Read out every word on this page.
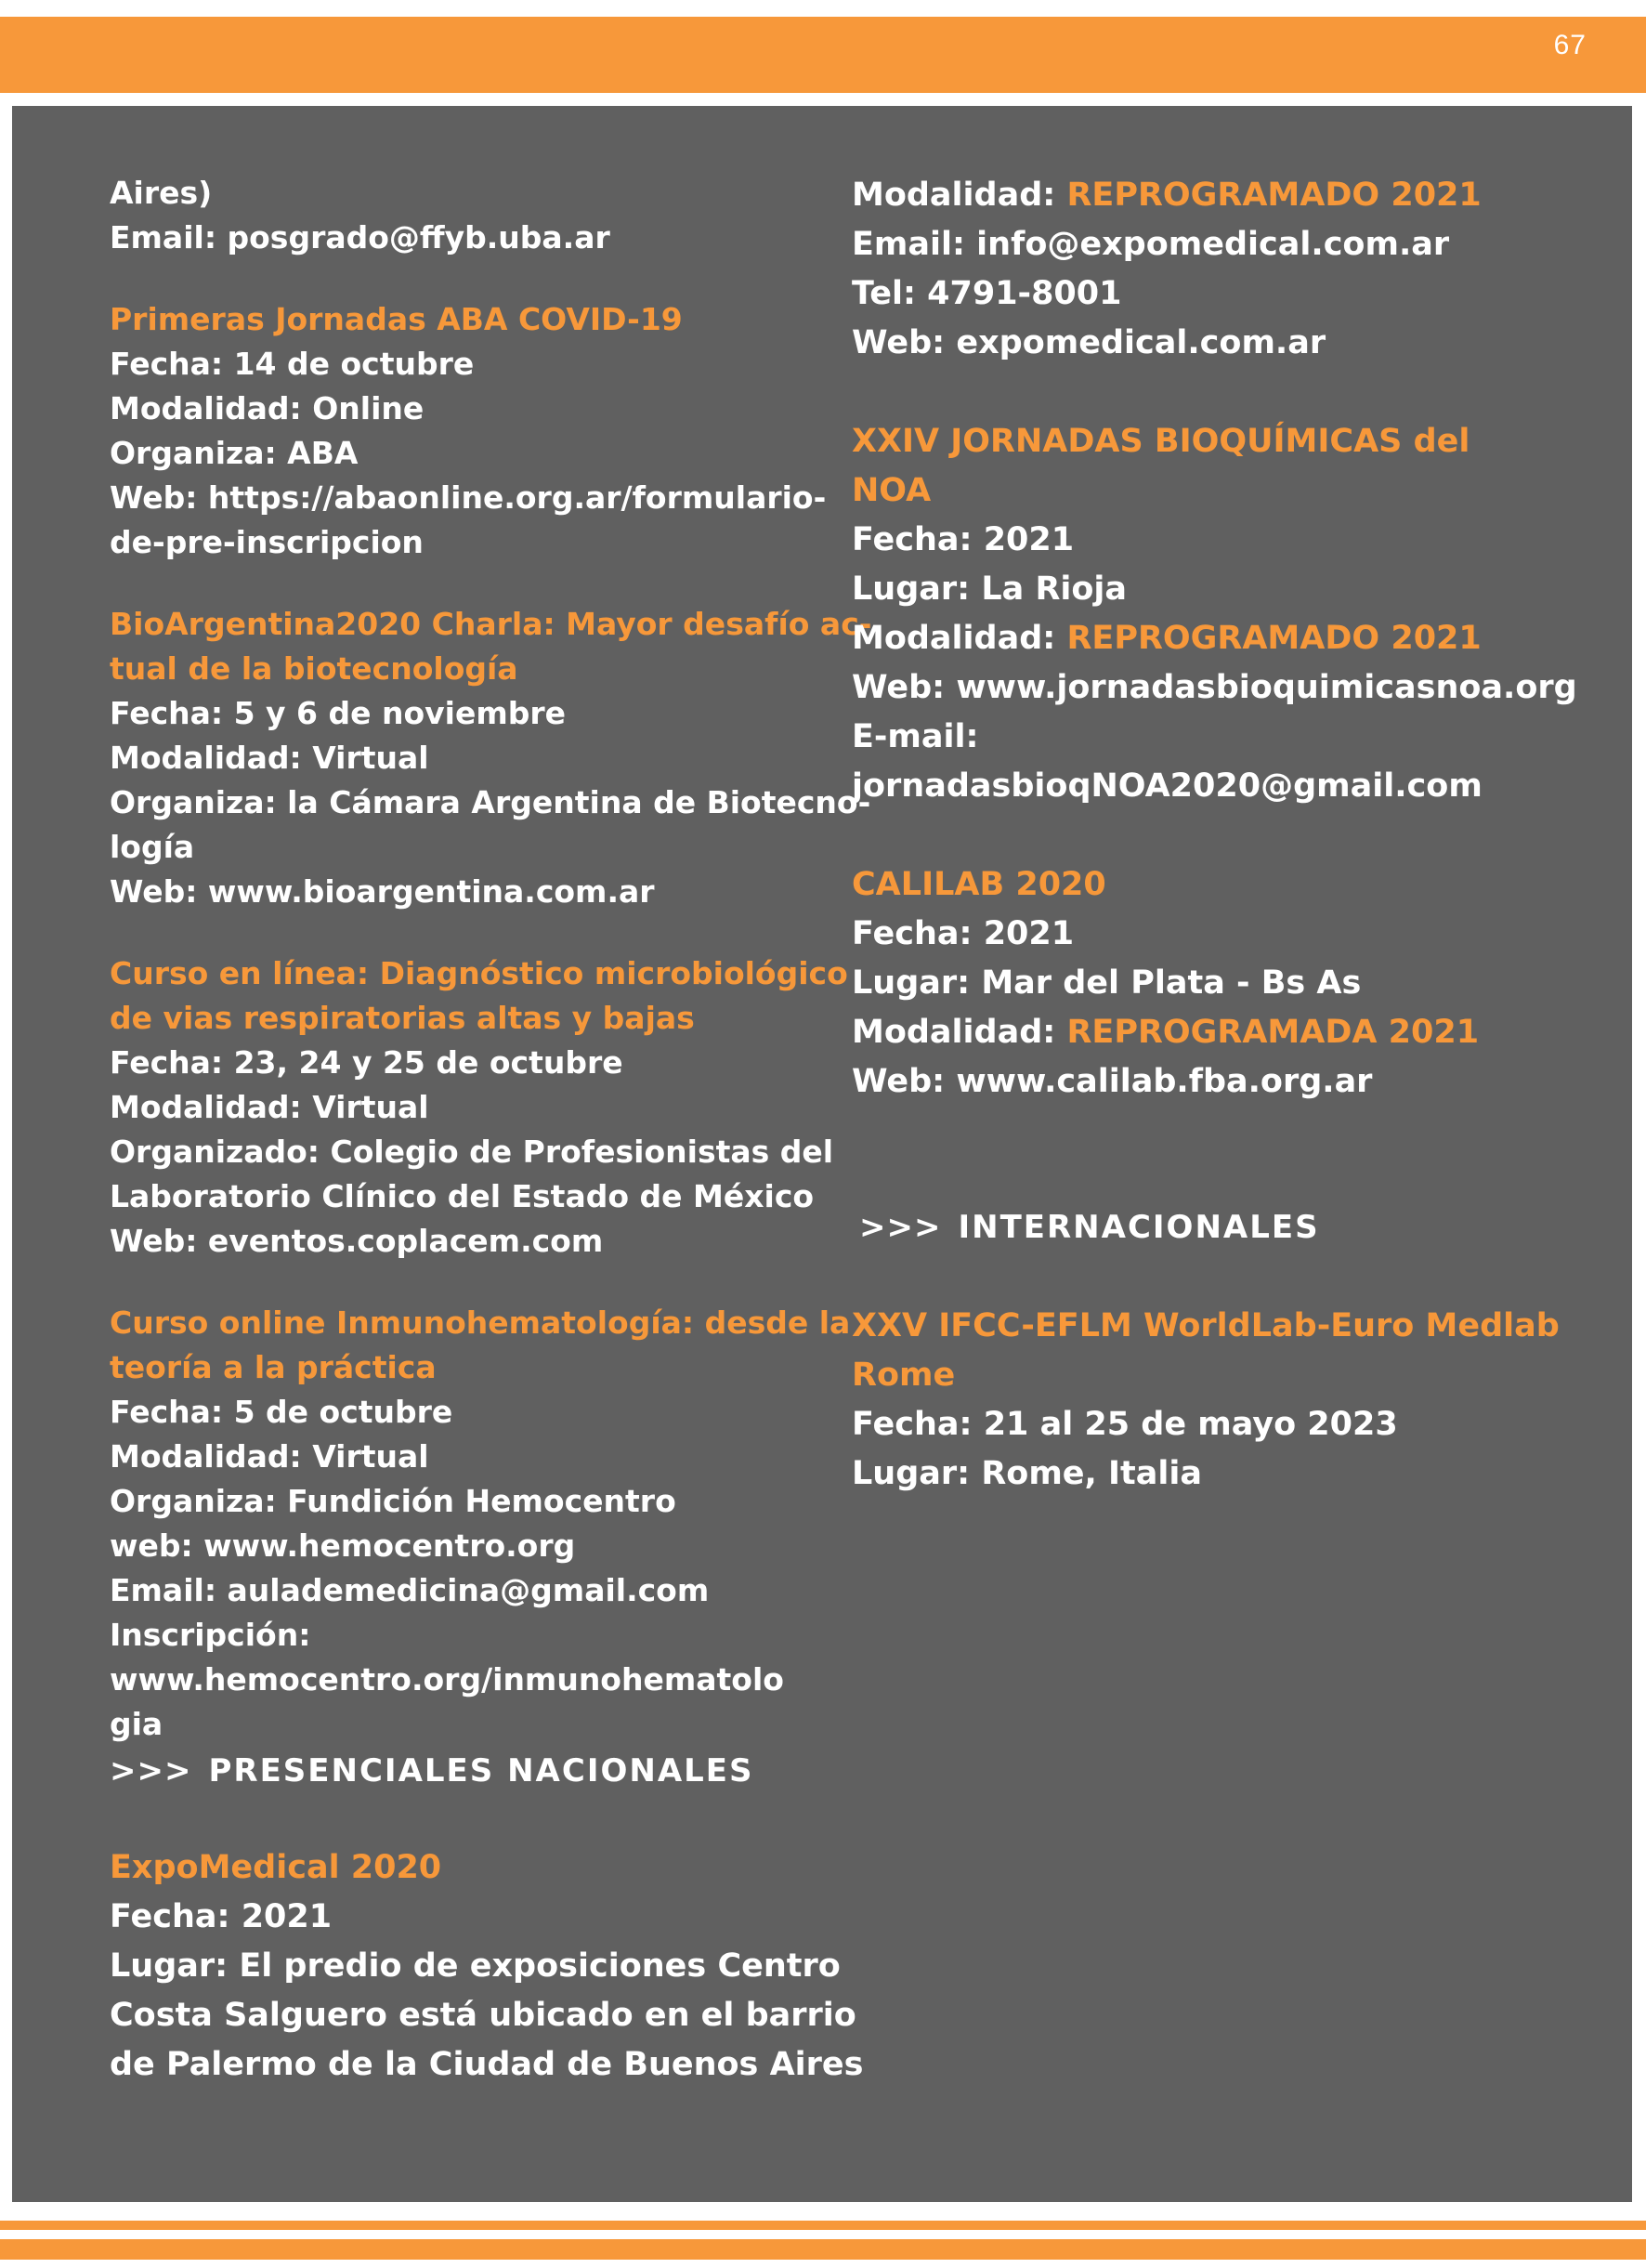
67
Aires)
Email: posgrado@ffyb.uba.ar
Primeras Jornadas ABA COVID-19
Fecha: 14 de octubre
Modalidad: Online
Organiza: ABA
Web: https://abaonline.org.ar/formulario-
de-pre-inscripcion
BioArgentina2020 Charla: Mayor desafío ac-
tual de la biotecnología
Fecha: 5 y 6 de noviembre
Modalidad: Virtual
Organiza: la Cámara Argentina de Biotecno-
logía
Web: www.bioargentina.com.ar
Curso en línea: Diagnóstico microbiológico
de vias respiratorias altas y bajas
Fecha: 23, 24 y 25 de octubre
Modalidad: Virtual
Organizado: Colegio de Profesionistas del
Laboratorio Clínico del Estado de México
Web: eventos.coplacem.com
Curso online Inmunohematología: desde la
teoría a la práctica
Fecha: 5 de octubre
Modalidad: Virtual
Organiza: Fundición Hemocentro
web: www.hemocentro.org
Email: aulademedicina@gmail.com
Inscripción:
www.hemocentro.org/inmunohematolo
gia
>>> PRESENCIALES NACIONALES
ExpoMedical 2020
Fecha: 2021
Lugar: El predio de exposiciones Centro
Costa Salguero está ubicado en el barrio
de Palermo de la Ciudad de Buenos Aires
Modalidad: REPROGRAMADO 2021
Email: info@expomedical.com.ar
Tel: 4791-8001
Web: expomedical.com.ar
XXIV JORNADAS BIOQUÍMICAS del
NOA
Fecha: 2021
Lugar: La Rioja
Modalidad: REPROGRAMADO 2021
Web: www.jornadasbioquimicasnoa.org
E-mail:
jornadasbioqNOA2020@gmail.com
CALILAB 2020
Fecha: 2021
Lugar: Mar del Plata - Bs As
Modalidad: REPROGRAMADA 2021
Web: www.calilab.fba.org.ar
>>> INTERNACIONALES
XXV IFCC-EFLM WorldLab-Euro Medlab
Rome
Fecha: 21 al 25 de mayo 2023
Lugar: Rome, Italia
